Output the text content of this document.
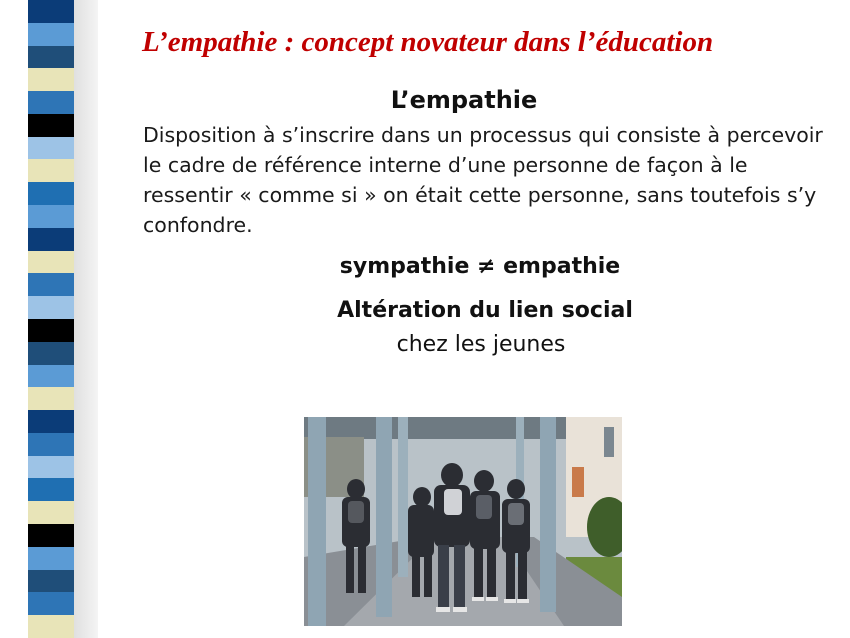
L’empathie : concept novateur dans l’éducation
L’empathie
Disposition à s’inscrire dans un processus qui consiste à percevoir le cadre de référence interne d’une personne de façon à le ressentir « comme si » on était cette personne, sans toutefois s’y confondre.
sympathie ≠ empathie
Altération du lien social
chez les jeunes
